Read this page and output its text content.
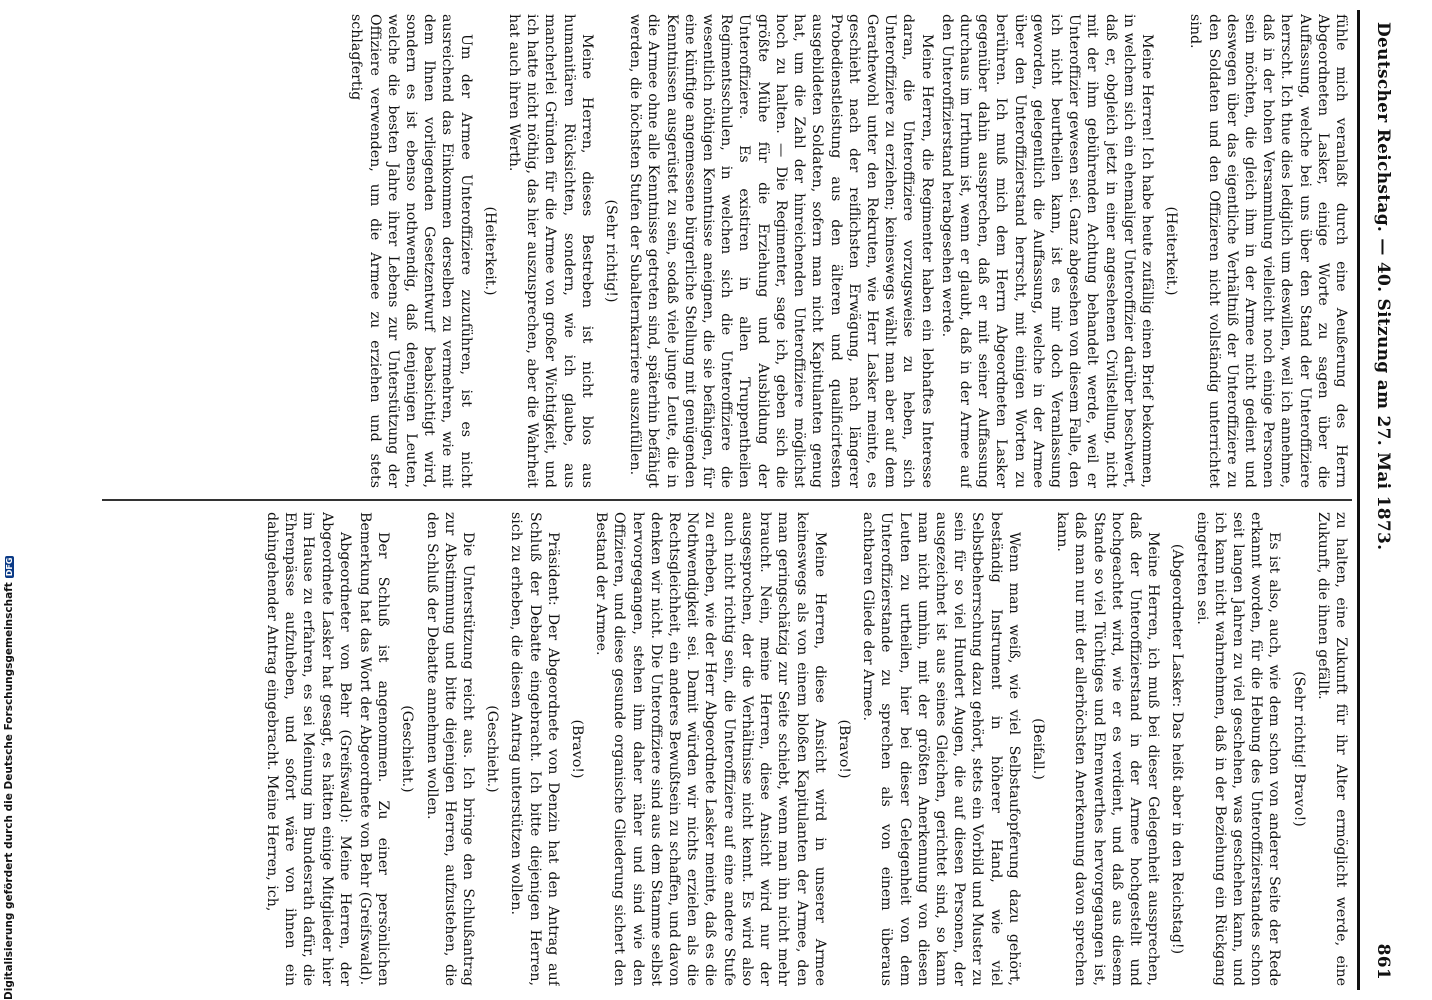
Deutscher Reichstag. — 40. Sitzung am 27. Mai 1873.
861

fühle mich veranlaßt durch eine Aeußerung des Herrn Abgeordneten Lasker, einige Worte zu sagen über die Auffassung, welche bei uns über den Stand der Unteroffiziere herrscht. Ich thue dies lediglich um deswillen, weil ich annehme, daß in der hohen Versammlung vielleicht noch einige Personen sein möchten, die gleich ihm in der Armee nicht gedient und deswegen über das eigentliche Verhältniß der Unteroffiziere zu den Soldaten und den Offizieren nicht vollständig unterrichtet sind.

(Heiterkeit.)

Meine Herren! Ich habe heute zufällig einen Brief bekommen, in welchem sich ein ehemaliger Unteroffizier darüber beschwert, daß er, obgleich jetzt in einer angesehenen Civilstellung, nicht mit der ihm gebührenden Achtung behandelt werde, weil er Unteroffizier gewesen sei. Ganz abgesehen von diesem Falle, den ich nicht beurtheilen kann, ist es mir doch Veranlassung geworden, gelegentlich die Auffassung, welche in der Armee über den Unteroffizierstand herrscht, mit einigen Worten zu berühren. Ich muß mich dem Herrn Abgeordneten Lasker gegenüber dahin aussprechen, daß er mit seiner Auffassung durchaus im Irrthum ist, wenn er glaubt, daß in der Armee auf den Unteroffizierstand herabgesehen werde.

Meine Herren, die Regimenter haben ein lebhaftes Interesse daran, die Unteroffiziere vorzugsweise zu heben, sich Unteroffiziere zu erziehen; keineswegs wählt man aber auf dem Gerathewohl unter den Rekruten, wie Herr Lasker meinte, es geschieht nach der reiflichsten Erwägung, nach längerer Probedienstleistung aus den älteren und qualificirtesten ausgebildeten Soldaten, sofern man nicht Kapitulanten genug hat, um die Zahl der hinreichenden Unteroffiziere möglichst hoch zu halten. — Die Regimenter, sage ich, geben sich die größte Mühe für die Erziehung und Ausbildung der Unteroffiziere. Es existiren in allen Truppentheilen Regimentsschulen, in welchen sich die Unteroffiziere die wesentlich nöthigen Kenntnisse aneignen, die sie befähigen, für eine künftige angemessene bürgerliche Stellung mit genügenden Kenntnissen ausgerüstet zu sein, sodaß viele junge Leute, die in die Armee ohne alle Kenntnisse getreten sind, späterhin befähigt werden, die höchsten Stufen der Subalternkarriere auszufüllen.

(Sehr richtig!)

Meine Herren, dieses Bestreben ist nicht blos aus humanitären Rücksichten, sondern, wie ich glaube, aus mancherlei Gründen für die Armee von großer Wichtigkeit, und ich hatte nicht nöthig, das hier auszusprechen, aber die Wahrheit hat auch ihren Werth.

(Heiterkeit.)

Um der Armee Unteroffiziere zuzuführen, ist es nicht ausreichend das Einkommen derselben zu vermehren, wie mit dem Ihnen vorliegenden Gesetzentwurf beabsichtigt wird, sondern es ist ebenso nothwendig, daß denjenigen Leuten, welche die besten Jahre ihrer Lebens zur Unterstützung der Offiziere verwenden, um die Armee zu erziehen und stets schlagfertig

zu halten, eine Zukunft für ihr Alter ermöglicht werde, eine Zukunft, die ihnen gefällt.

(Sehr richtig! Bravo!)

Es ist also, auch, wie dem schon von anderer Seite der Rede erkannt worden, für die Hebung des Unteroffizierstandes schon seit langen Jahren zu viel geschehen, was geschehen kann, und ich kann nicht wahrnehmen, daß in der Beziehung ein Rückgang eingetreten sei.

(Abgeordneter Lasker: Das heißt aber in den Reichstag!)

Meine Herren, ich muß bei dieser Gelegenheit aussprechen, daß der Unteroffizierstand in der Armee hochgestellt und hochgeachtet wird, wie er es verdient, und daß aus diesem Stande so viel Tüchtiges und Ehrenwerthes hervorgegangen ist, daß man nur mit der allerhöchsten Anerkennung davon sprechen kann.

(Beifall.)

Wenn man weiß, wie viel Selbstaufopferung dazu gehört, beständig Instrument in höherer Hand, wie viel Selbstbeherrschung dazu gehört, stets ein Vorbild und Muster zu sein für so viel Hundert Augen, die auf diesen Personen, der ausgezeichnet ist aus seines Gleichen, gerichtet sind, so kann man nicht umhin, mit der größten Anerkennung von diesen Leuten zu urtheilen, hier bei dieser Gelegenheit von dem Unteroffizierstande zu sprechen als von einem überaus achtbaren Gliede der Armee.

(Bravo!)

Meine Herren, diese Ansicht wird in unserer Armee keineswegs als von einem bloßen Kapitulanten der Armee, den man geringschätzig zur Seite schiebt, wenn man ihn nicht mehr braucht. Nein, meine Herren, diese Ansicht wird nur der ausgesprochen, der die Verhältnisse nicht kennt. Es wird also auch nicht richtig sein, die Unteroffiziere auf eine andere Stufe zu erheben, wie der Herr Abgeordnete Lasker meinte, daß es die Nothwendigkeit sei. Damit würden wir nichts erzielen als die Rechtsgleichheit, ein anderes Bewußtsein zu schaffen, und davon denken wir nicht. Die Unteroffiziere sind aus dem Stamme selbst hervorgegangen, stehen ihm daher näher und sind wie den Offizieren, und diese gesunde organische Gliederung sichert den Bestand der Armee.

(Bravo!)

Präsident: Der Abgeordnete von Denzin hat den Antrag auf Schluß der Debatte eingebracht. Ich bitte diejenigen Herren, sich zu erheben, die diesen Antrag unterstützen wollen.

(Geschieht.)

Die Unterstützung reicht aus. Ich bringe den Schlußantrag zur Abstimmung und bitte diejenigen Herren, aufzustehen, die den Schluß der Debatte annehmen wollen.

(Geschieht.)

Der Schluß ist angenommen. Zu einer persönlichen Bemerkung hat das Wort der Abgeordnete von Behr (Greifswald).

Abgeordneter von Behr (Greifswald): Meine Herren, der Abgeordnete Lasker hat gesagt, es hätten einige Mitglieder hier im Hause zu erfahren, es sei Meinung im Bundesrath dafür, die Ehrenpässe aufzuheben, und sofort wäre von ihnen ein dahingehender Antrag eingebracht. Meine Herren, ich,

Digitalisierung gefördert durch die Deutsche Forschungsgemeinschaft
DFG
